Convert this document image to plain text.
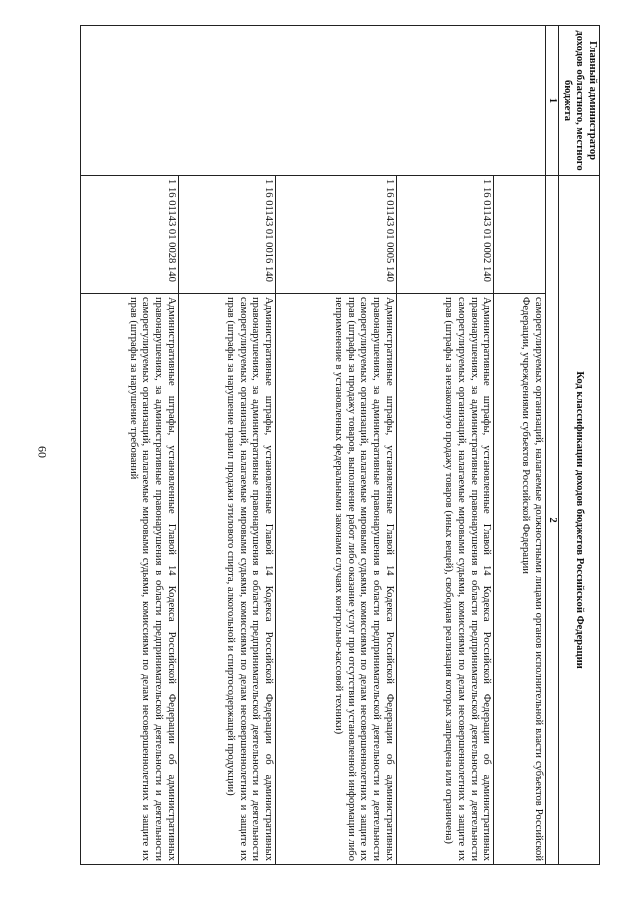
60
Главный администратор доходов областного, местного бюджета	Код классификации доходов бюджетов Российской Федерации	
1	2	
		саморегулируемых организаций, налагаемые должностными лицами органов исполнительной власти субъектов Российской Федерации, учреждениями субъектов Российской Федерации
	1 16 01143 01 0002 140	Административные штрафы, установленные Главой 14 Кодекса Российской Федерации об административных правонарушениях, за административные правонарушения в области предпринимательской деятельности и деятельности саморегулируемых организаций, налагаемые мировыми судьями, комиссиями по делам несовершеннолетних и защите их прав (штрафы за незаконную продажу товаров (иных вещей), свободная реализация которых запрещена или ограничена)
	1 16 01143 01 0005 140	Административные штрафы, установленные Главой 14 Кодекса Российской Федерации об административных правонарушениях, за административные правонарушения в области предпринимательской деятельности и деятельности саморегулируемых организаций, налагаемые мировыми судьями, комиссиями по делам несовершеннолетних и защите их прав (штрафы за продажу товаров, выполнение работ либо оказание услуг при отсутствии установленной информации либо неприменение в установленных федеральными законами случаях контрольно-кассовой техники)
	1 16 01143 01 0016 140	Административные штрафы, установленные Главой 14 Кодекса Российской Федерации об административных правонарушениях, за административные правонарушения в области предпринимательской деятельности и деятельности саморегулируемых организаций, налагаемые мировыми судьями, комиссиями по делам несовершеннолетних и защите их прав (штрафы за нарушение правил продажи этилового спирта, алкогольной и спиртосодержащей продукции)
	1 16 01143 01 0028 140	Административные штрафы, установленные Главой 14 Кодекса Российской Федерации об административных правонарушениях, за административные правонарушения в области предпринимательской деятельности и деятельности саморегулируемых организаций, налагаемые мировыми судьями, комиссиями по делам несовершеннолетних и защите их прав (штрафы за нарушение требований
